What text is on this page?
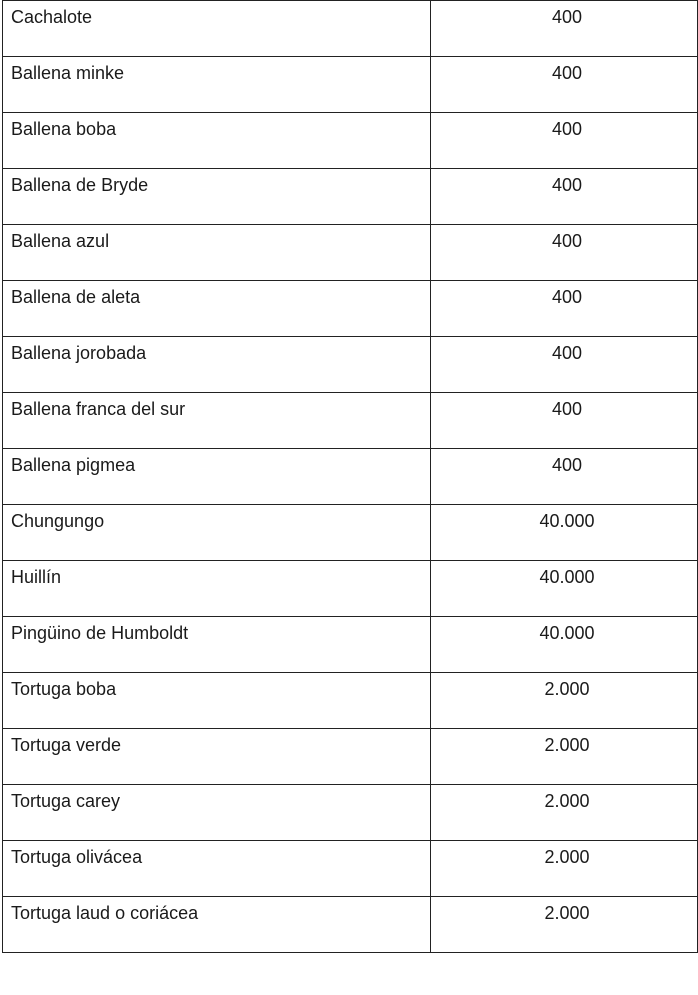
Cachalote	400

Ballena minke	400

Ballena boba	400

Ballena de Bryde	400

Ballena azul	400

Ballena de aleta	400

Ballena jorobada	400

Ballena franca del sur	400

Ballena pigmea	400

Chungungo	40.000

Huillín	40.000

Pingüino de Humboldt	40.000

Tortuga boba	2.000

Tortuga verde	2.000

Tortuga carey	2.000

Tortuga olivácea	2.000

Tortuga laud o coriácea	2.000
